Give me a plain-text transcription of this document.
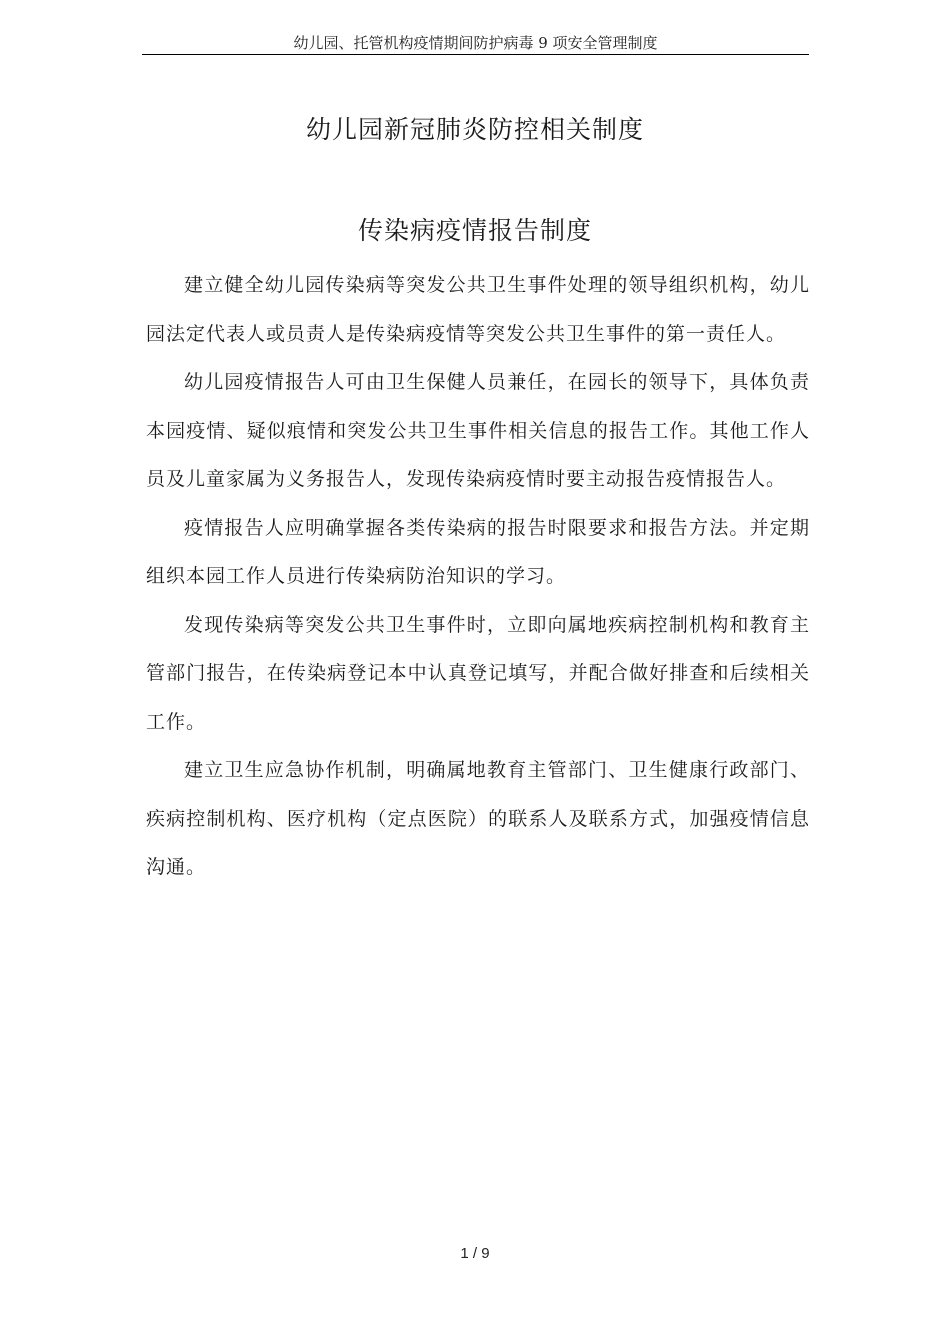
幼儿园、托管机构疫情期间防护病毒 9 项安全管理制度
幼儿园新冠肺炎防控相关制度
传染病疫情报告制度

建立健全幼儿园传染病等突发公共卫生事件处理的领导组织机构，幼儿园法定代表人或员责人是传染病疫情等突发公共卫生事件的第一责任人。

幼儿园疫情报告人可由卫生保健人员兼任，在园长的领导下，具体负责本园疫情、疑似痕情和突发公共卫生事件相关信息的报告工作。其他工作人员及儿童家属为义务报告人，发现传染病疫情时要主动报告疫情报告人。

疫情报告人应明确掌握各类传染病的报告时限要求和报告方法。并定期组织本园工作人员进行传染病防治知识的学习。

发现传染病等突发公共卫生事件时，立即向属地疾病控制机构和教育主管部门报告，在传染病登记本中认真登记填写，并配合做好排查和后续相关工作。

建立卫生应急协作机制，明确属地教育主管部门、卫生健康行政部门、疾病控制机构、医疗机构（定点医院）的联系人及联系方式，加强疫情信息沟通。

1 / 9
